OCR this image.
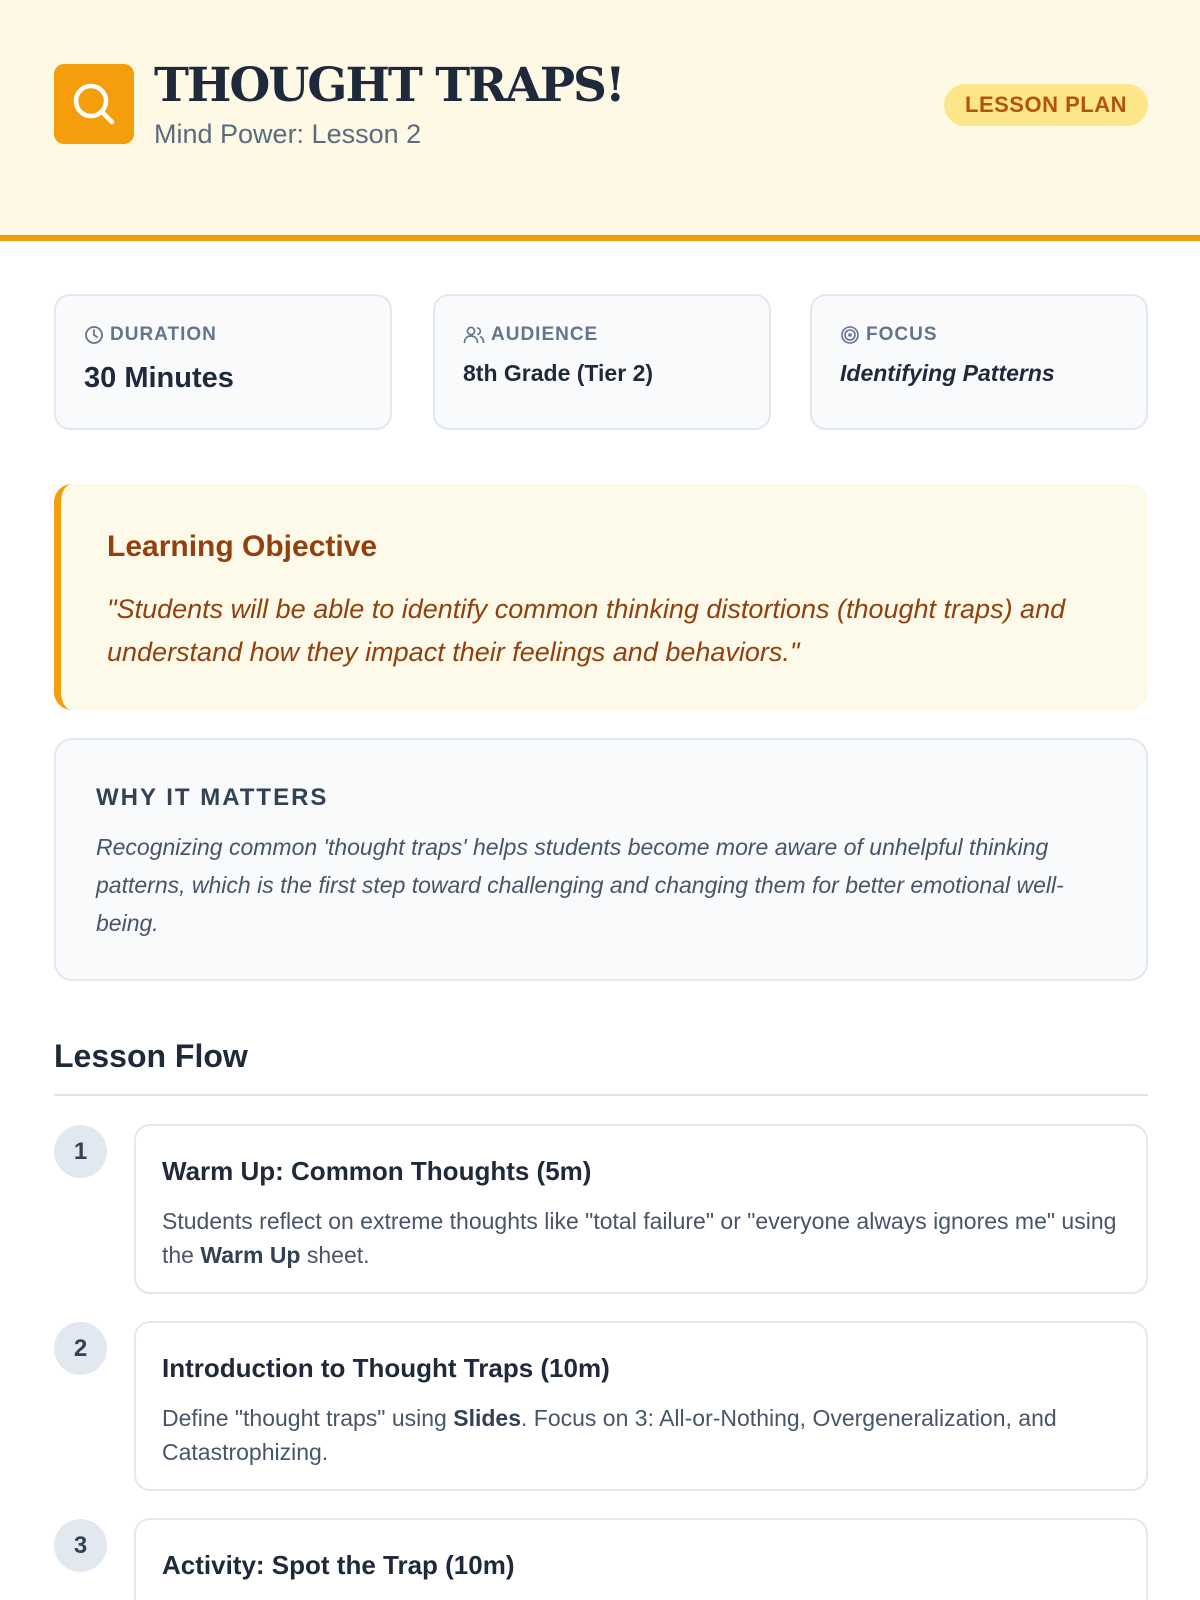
THOUGHT TRAPS!
Mind Power: Lesson 2
LESSON PLAN
DURATION
30 Minutes
AUDIENCE
8th Grade (Tier 2)
FOCUS
Identifying Patterns
Learning Objective

"Students will be able to identify common thinking distortions (thought traps) and understand how they impact their feelings and behaviors."

WHY IT MATTERS

Recognizing common 'thought traps' helps students become more aware of unhelpful thinking patterns, which is the first step toward challenging and changing them for better emotional well-being.

Lesson Flow
1
Warm Up: Common Thoughts (5m)

Students reflect on extreme thoughts like "total failure" or "everyone always ignores me" using the Warm Up sheet.

2
Introduction to Thought Traps (10m)

Define "thought traps" using Slides. Focus on 3: All-or-Nothing, Overgeneralization, and Catastrophizing.

3
Activity: Spot the Trap (10m)
